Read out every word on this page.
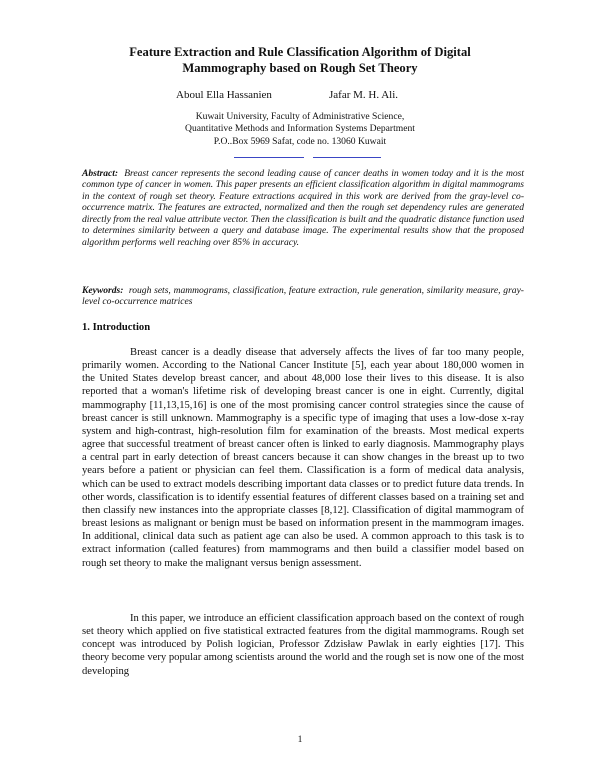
Feature Extraction and Rule Classification Algorithm of Digital Mammography based on Rough Set Theory
Aboul Ella Hassanien	Jafar M. H. Ali.
Kuwait University, Faculty of Administrative Science,
Quantitative Methods and Information Systems Department
P.O..Box 5969 Safat, code no. 13060 Kuwait

Abstract: Breast cancer represents the second leading cause of cancer deaths in women today and it is the most common type of cancer in women. This paper presents an efficient classification algorithm in digital mammograms in the context of rough set theory. Feature extractions acquired in this work are derived from the gray-level co-occurrence matrix. The features are extracted, normalized and then the rough set dependency rules are generated directly from the real value attribute vector. Then the classification is built and the quadratic distance function used to determines similarity between a query and database image. The experimental results show that the proposed algorithm performs well reaching over 85% in accuracy.

Keywords: rough sets, mammograms, classification, feature extraction, rule generation, similarity measure, gray-level co-occurrence matrices

1. Introduction

Breast cancer is a deadly disease that adversely affects the lives of far too many people, primarily women. According to the National Cancer Institute [5], each year about 180,000 women in the United States develop breast cancer, and about 48,000 lose their lives to this disease. It is also reported that a woman's lifetime risk of developing breast cancer is one in eight. Currently, digital mammography [11,13,15,16] is one of the most promising cancer control strategies since the cause of breast cancer is still unknown. Mammography is a specific type of imaging that uses a low-dose x-ray system and high-contrast, high-resolution film for examination of the breasts. Most medical experts agree that successful treatment of breast cancer often is linked to early diagnosis. Mammography plays a central part in early detection of breast cancers because it can show changes in the breast up to two years before a patient or physician can feel them. Classification is a form of medical data analysis, which can be used to extract models describing important data classes or to predict future data trends. In other words, classification is to identify essential features of different classes based on a training set and then classify new instances into the appropriate classes [8,12]. Classification of digital mammogram of breast lesions as malignant or benign must be based on information present in the mammogram images. In additional, clinical data such as patient age can also be used. A common approach to this task is to extract information (called features) from mammograms and then build a classifier model based on rough set theory to make the malignant versus benign assessment.

In this paper, we introduce an efficient classification approach based on the context of rough set theory which applied on five statistical extracted features from the digital mammograms. Rough set concept was introduced by Polish logician, Professor Zdzisław Pawlak in early eighties [17]. This theory become very popular among scientists around the world and the rough set is now one of the most developing

1
